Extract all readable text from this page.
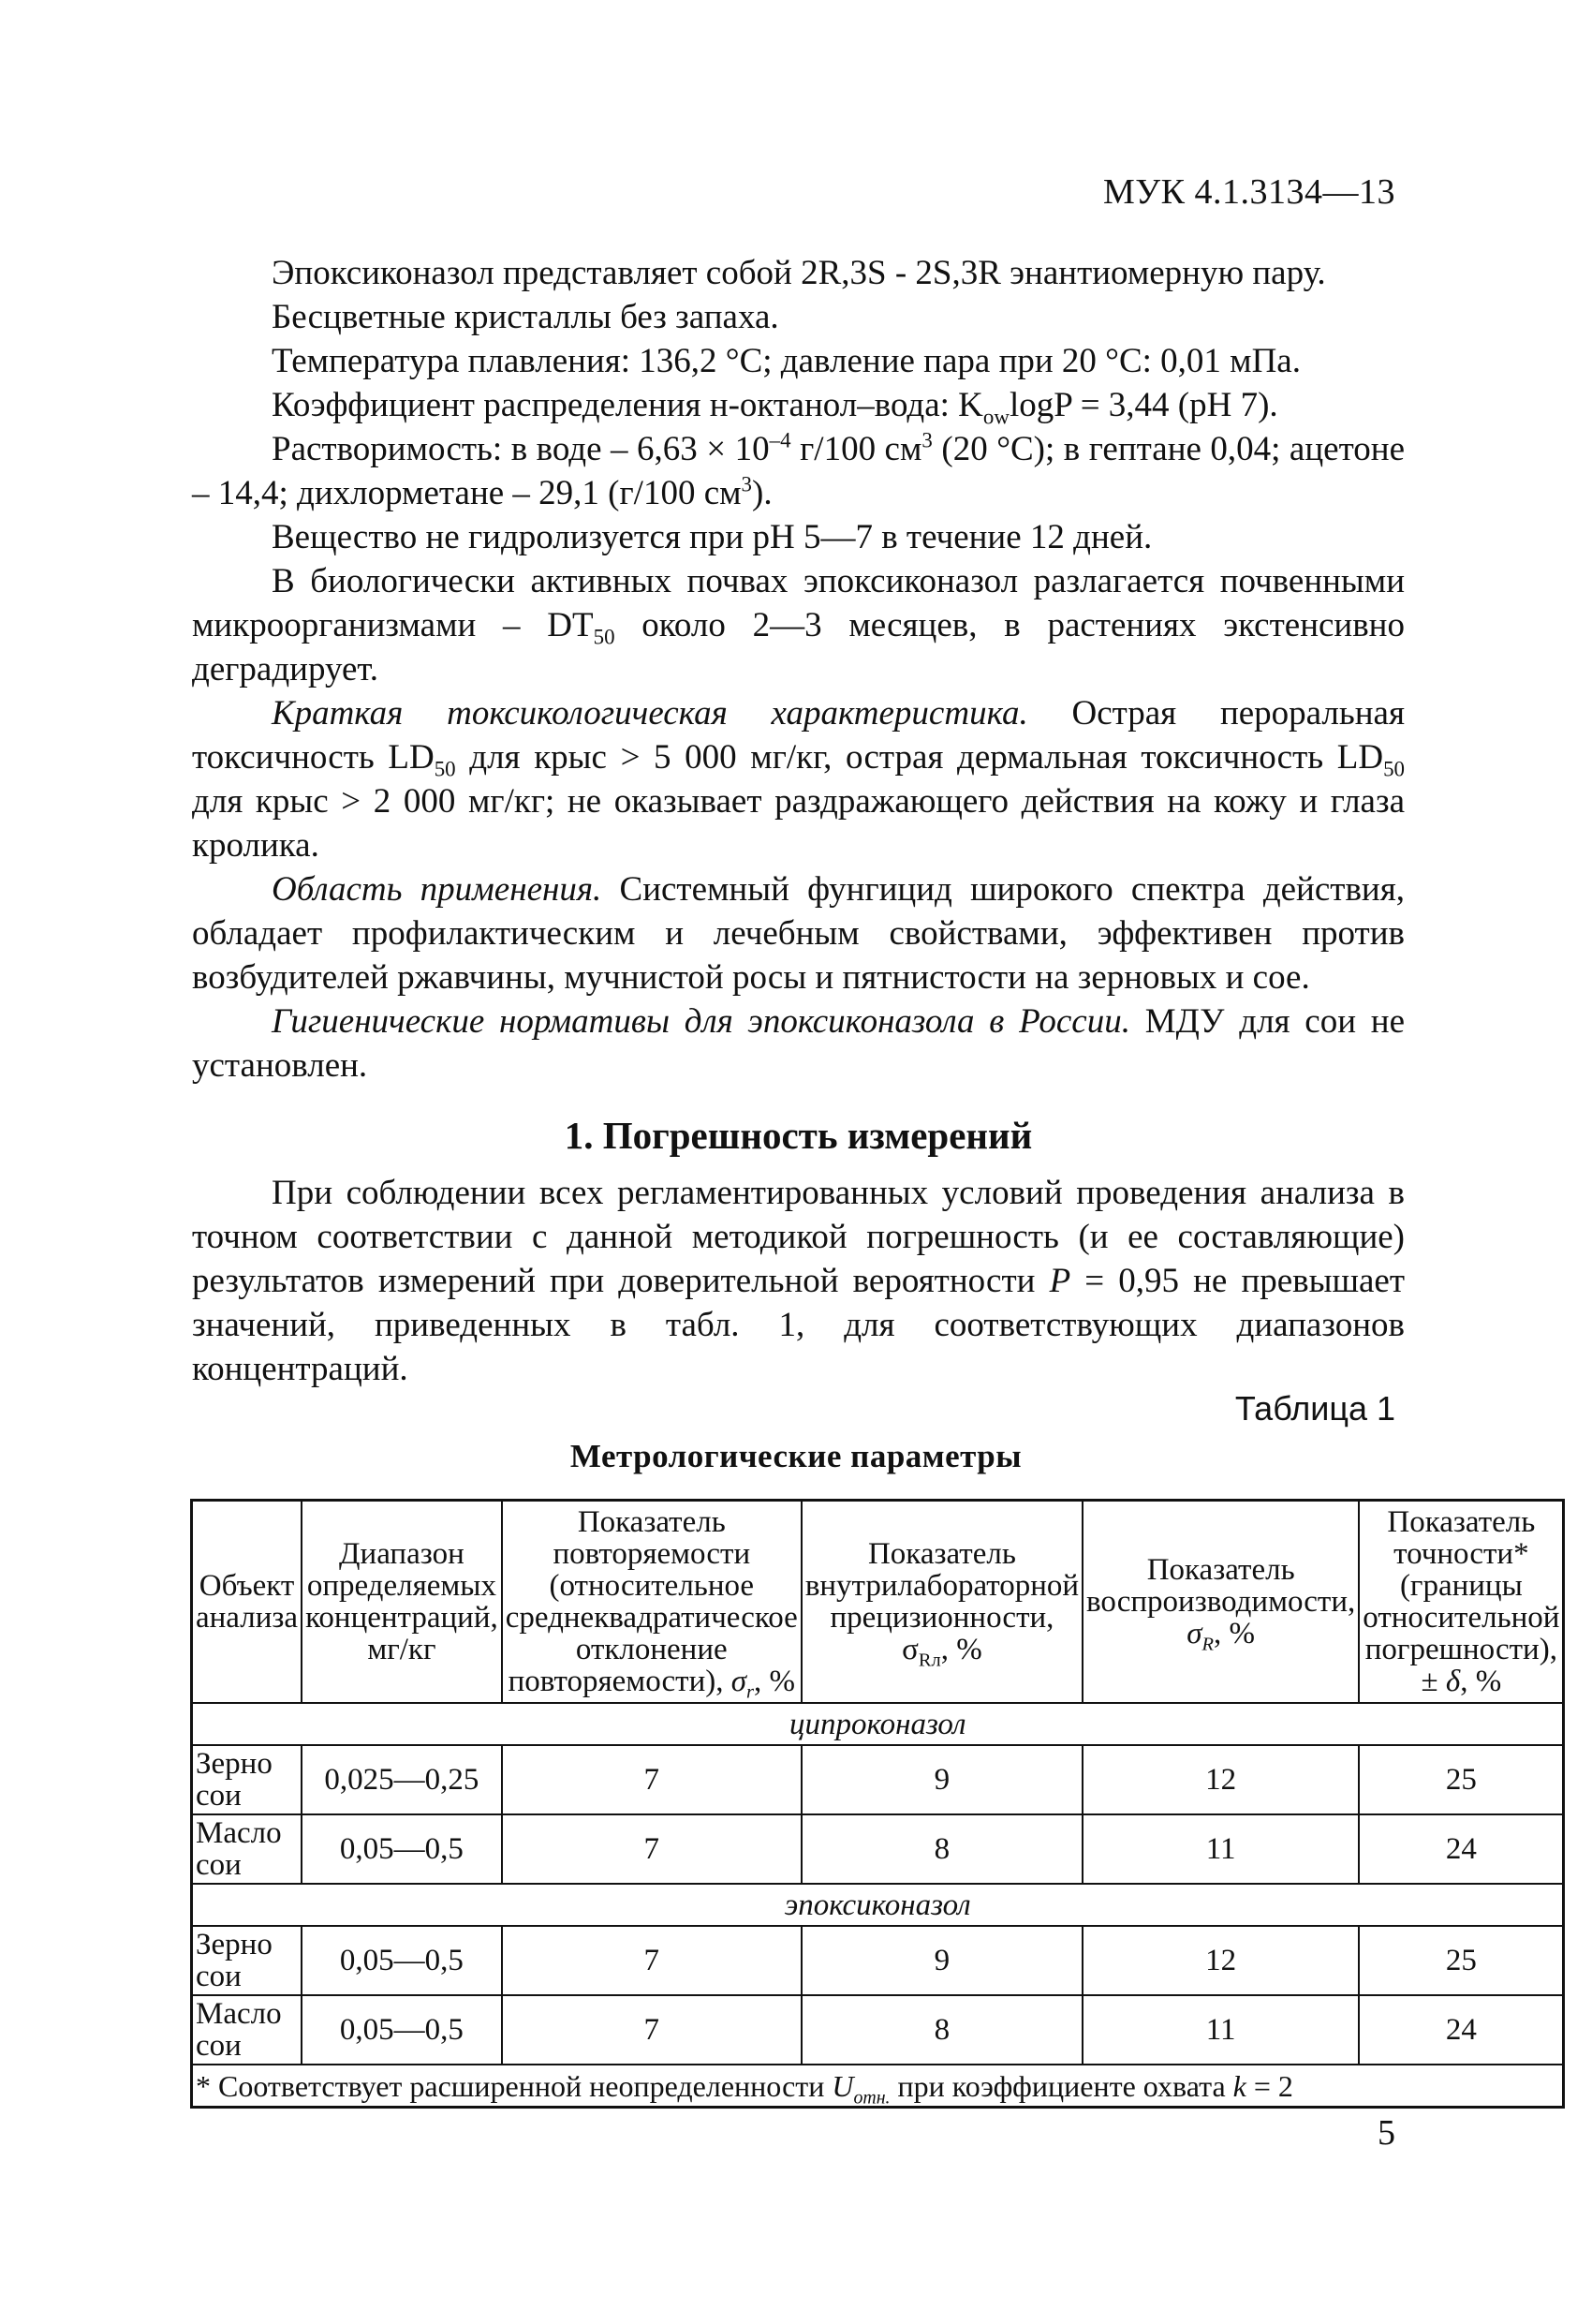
МУК 4.1.3134—13

Эпоксиконазол представляет собой 2R,3S - 2S,3R энантиомерную пару.

Бесцветные кристаллы без запаха.

Температура плавления: 136,2 °С; давление пара при 20 °С: 0,01 мПа.

Коэффициент распределения н-октанол–вода: $K_{ow}\log P = 3,44$ (pH 7).

Растворимость: в воде – $6,63 \times 10^{-4}$ г/100 $см^3$ (20 °С); в гептане 0,04; ацетоне – 14,4; дихлорметане – 29,1 (г/100 $см^3$).

Вещество не гидролизуется при pH 5—7 в течение 12 дней.

В биологически активных почвах эпоксиконазол разлагается почвенными микроорганизмами – $DT_{50}$ около 2—3 месяцев, в растениях экстенсивно деградирует.

Краткая токсикологическая характеристика. Острая пероральная токсичность $LD_{50}$ для крыс > 5 000 мг/кг, острая дермальная токсичность $LD_{50}$ для крыс > 2 000 мг/кг; не оказывает раздражающего действия на кожу и глаза кролика.

Область применения. Системный фунгицид широкого спектра действия, обладает профилактическим и лечебным свойствами, эффективен против возбудителей ржавчины, мучнистой росы и пятнистости на зерновых и сое.

Гигиенические нормативы для эпоксиконазола в России. МДУ для сои не установлен.

1. Погрешность измерений

При соблюдении всех регламентированных условий проведения анализа в точном соответствии с данной методикой погрешность (и ее составляющие) результатов измерений при доверительной вероятности P = 0,95 не превышает значений, приведенных в табл. 1, для соответствующих диапазонов концентраций.

Таблица 1
Метрологические параметры
Объект анализа	Диапазон определяемых концентраций, мг/кг	Показатель повторяемости (относительное среднеквадратическое отклонение повторяемости), $\sigma_r$, %	Показатель внутрилабораторной прецизионности, $\sigma_{Rл}$, %	Показатель воспроизводимости, $\sigma_R$, %	Показатель точности* (границы относительной погрешности), ± δ, %
ципроконазол					
Зерно сои	0,025—0,25	7	9	12	25
Масло сои	0,05—0,5	7	8	11	24
эпоксиконазол					
Зерно сои	0,05—0,5	7	9	12	25
Масло сои	0,05—0,5	7	8	11	24
* Соответствует расширенной неопределенности $U_{отн.}$ при коэффициенте охвата k = 2					
5
